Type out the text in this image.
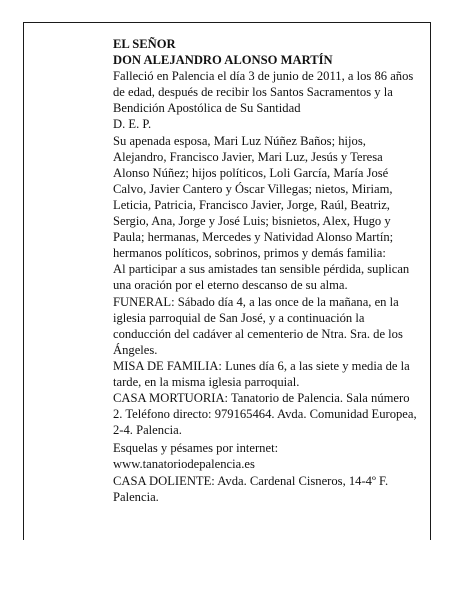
EL SEÑOR

DON ALEJANDRO ALONSO MARTÍN

Falleció en Palencia el día 3 de junio de 2011, a los 86 años de edad, después de recibir los Santos Sacramentos y la Bendición Apostólica de Su Santidad

D. E. P.

Su apenada esposa, Mari Luz Núñez Baños; hijos, Alejandro, Francisco Javier, Mari Luz, Jesús y Teresa Alonso Núñez; hijos políticos, Loli García, María José Calvo, Javier Cantero y Óscar Villegas; nietos, Miriam, Leticia, Patricia, Francisco Javier, Jorge, Raúl, Beatriz, Sergio, Ana, Jorge y José Luis; bisnietos, Alex, Hugo y Paula; hermanas, Mercedes y Natividad Alonso Martín; hermanos políticos, sobrinos, primos y demás familia:

Al participar a sus amistades tan sensible pérdida, suplican una oración por el eterno descanso de su alma.

FUNERAL: Sábado día 4, a las once de la mañana, en la iglesia parroquial de San José, y a continuación la conducción del cadáver al cementerio de Ntra. Sra. de los Ángeles.

MISA DE FAMILIA: Lunes día 6, a las siete y media de la tarde, en la misma iglesia parroquial.

CASA MORTUORIA: Tanatorio de Palencia. Sala número 2. Teléfono directo: 979165464. Avda. Comunidad Europea, 2-4. Palencia.

Esquelas y pésames por internet:

www.tanatoriodepalencia.es

CASA DOLIENTE: Avda. Cardenal Cisneros, 14-4º F. Palencia.
